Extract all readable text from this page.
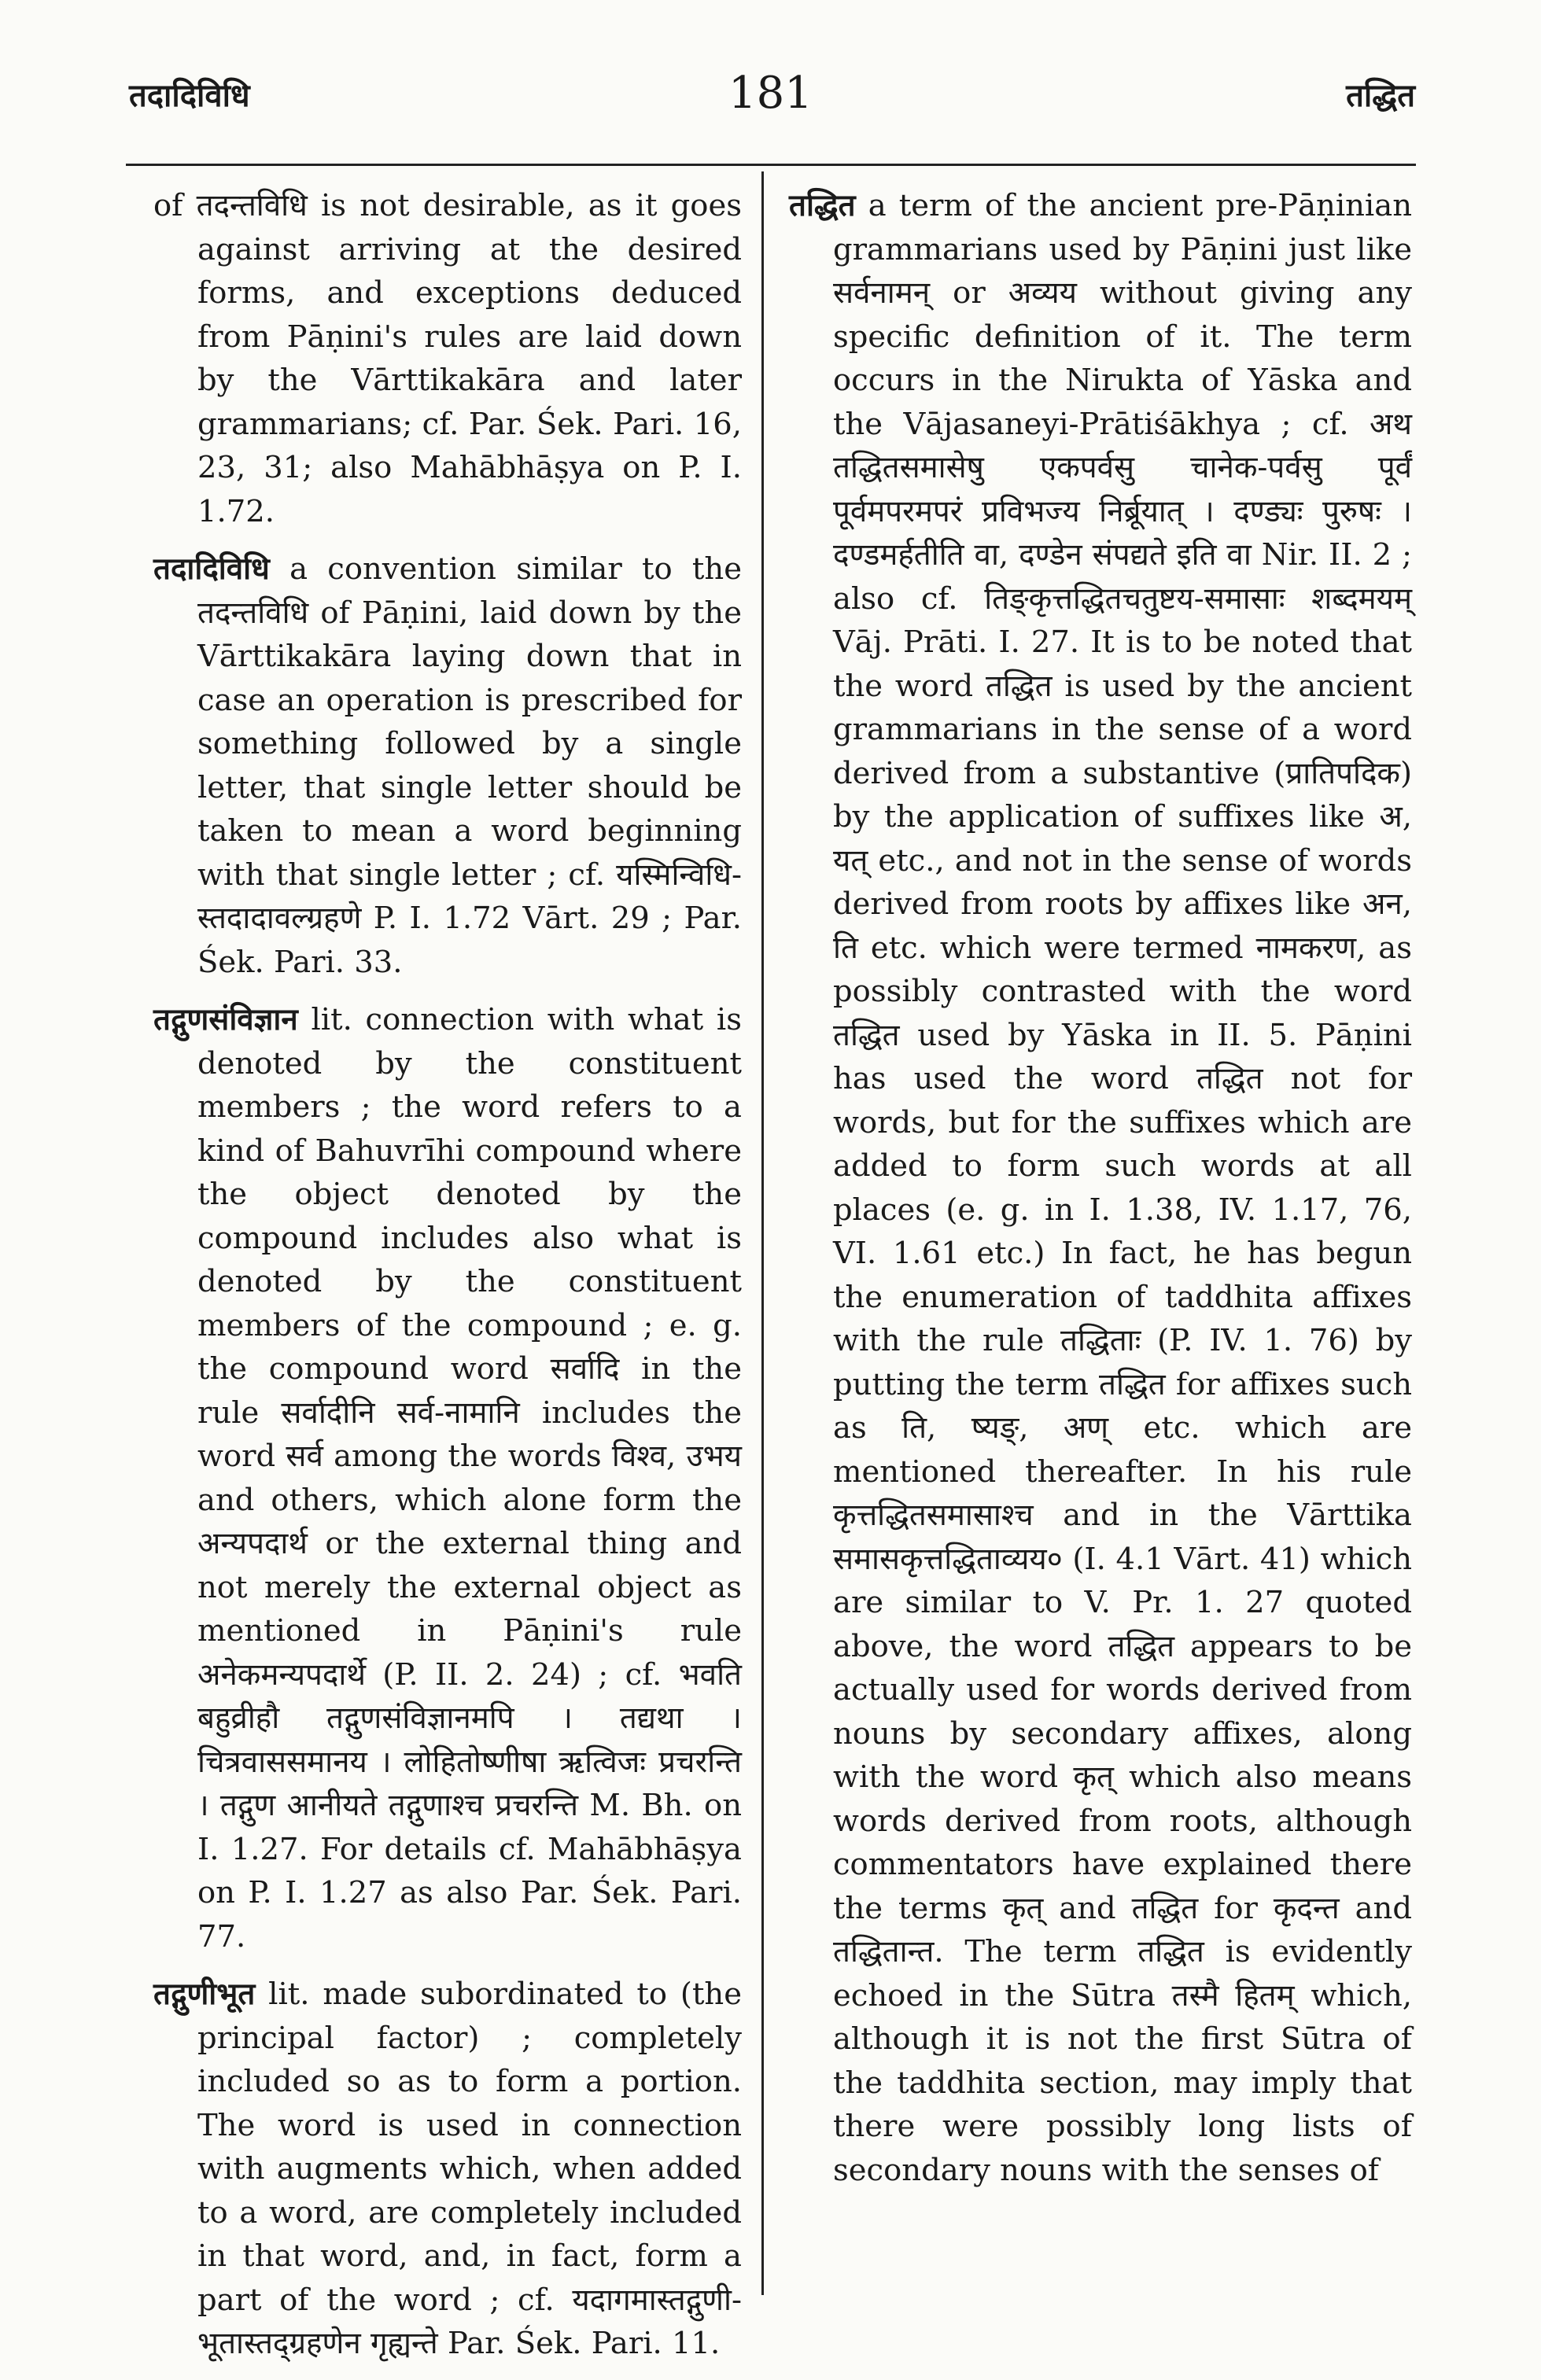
तदादिविधि	181	तद्धित
of तदन्तविधि is not desirable, as it goes against arriving at the desired forms, and exceptions deduced from Pāṇini's rules are laid down by the Vārttikakāra and later grammarians; cf. Par. Śek. Pari. 16, 23, 31; also Mahābhāṣya on P. I. 1.72.
तदादिविधि a convention similar to the तदन्तविधि of Pāṇini, laid down by the Vārttikakāra laying down that in case an operation is prescribed for something followed by a single letter, that single letter should be taken to mean a word beginning with that single letter ; cf. यस्मिन्विधि-स्तदादावल्ग्रहणे P. I. 1.72 Vārt. 29 ; Par. Śek. Pari. 33.
तद्गुणसंविज्ञान lit. connection with what is denoted by the constituent members ; the word refers to a kind of Bahuvrīhi compound where the object denoted by the compound includes also what is denoted by the constituent members of the compound ; e. g. the compound word सर्वादि in the rule सर्वादीनि सर्व-नामानि includes the word सर्व among the words विश्व, उभय and others, which alone form the अन्यपदार्थ or the external thing and not merely the external object as mentioned in Pāṇini's rule अनेकमन्यपदार्थे (P. II. 2. 24) ; cf. भवति बहुव्रीहौ तद्गुणसंविज्ञानमपि । तद्यथा । चित्रवाससमानय । लोहितोष्णीषा ऋत्विजः प्रचरन्ति । तद्गुण आनीयते तद्गुणाश्च प्रचरन्ति M. Bh. on I. 1.27. For details cf. Mahābhāṣya on P. I. 1.27 as also Par. Śek. Pari. 77.
तद्गुणीभूत lit. made subordinated to (the principal factor) ; completely included so as to form a portion. The word is used in connection with augments which, when added to a word, are completely included in that word, and, in fact, form a part of the word ; cf. यदागमास्तद्गुणी-भूतास्तद्ग्रहणेन गृह्यन्ते Par. Śek. Pari. 11.
तद्धित a term of the ancient pre-Pāṇinian grammarians used by Pāṇini just like सर्वनामन् or अव्यय without giving any specific definition of it. The term occurs in the Nirukta of Yāska and the Vājasaneyi-Prātiśākhya ; cf. अथ तद्धितसमासेषु एकपर्वसु चानेक-पर्वसु पूर्वं पूर्वमपरमपरं प्रविभज्य निर्ब्रूयात् । दण्ड्यः पुरुषः । दण्डमर्हतीति वा, दण्डेन संपद्यते इति वा Nir. II. 2 ; also cf. तिङ्कृत्तद्धितचतुष्टय-समासाः शब्दमयम् Vāj. Prāti. I. 27. It is to be noted that the word तद्धित is used by the ancient grammarians in the sense of a word derived from a substantive (प्रातिपदिक) by the application of suffixes like अ, यत् etc., and not in the sense of words derived from roots by affixes like अन, ति etc. which were termed नामकरण, as possibly contrasted with the word तद्धित used by Yāska in II. 5. Pāṇini has used the word तद्धित not for words, but for the suffixes which are added to form such words at all places (e. g. in I. 1.38, IV. 1.17, 76, VI. 1.61 etc.) In fact, he has begun the enumeration of taddhita affixes with the rule तद्धिताः (P. IV. 1. 76) by putting the term तद्धित for affixes such as ति, ष्यङ्, अण् etc. which are mentioned thereafter. In his rule कृत्तद्धितसमासाश्च and in the Vārttika समासकृत्तद्धिताव्यय० (I. 4.1 Vārt. 41) which are similar to V. Pr. 1. 27 quoted above, the word तद्धित appears to be actually used for words derived from nouns by secondary affixes, along with the word कृत् which also means words derived from roots, although commentators have explained there the terms कृत् and तद्धित for कृदन्त and तद्धितान्त. The term तद्धित is evidently echoed in the Sūtra तस्मै हितम् which, although it is not the first Sūtra of the taddhita section, may imply that there were possibly long lists of secondary nouns with the senses of
